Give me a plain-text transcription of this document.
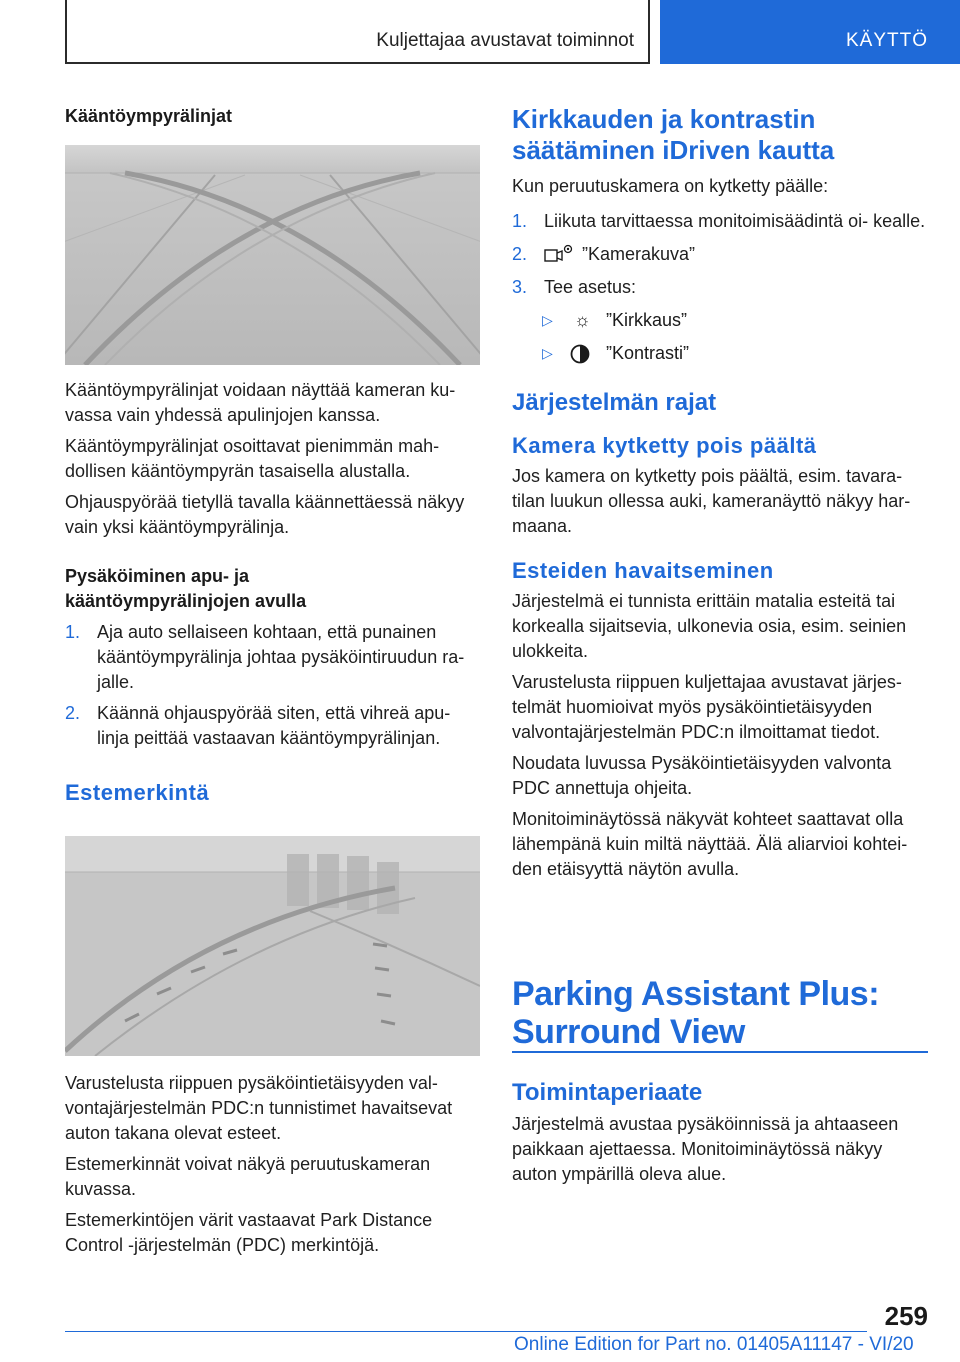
Kuljettajaa avustavat toiminnot	KÄYTTÖ
Kääntöympyrälinjat

Kääntöympyrälinjat voidaan näyttää kameran ku- vassa vain yhdessä apulinjojen kanssa.

Kääntöympyrälinjat osoittavat pienimmän mah- dollisen kääntöympyrän tasaisella alustalla.

Ohjauspyörää tietyllä tavalla käännettäessä näkyy vain yksi kääntöympyrälinja.

Pysäköiminen apu- ja
kääntöympyrälinjojen avulla
1. Aja auto sellaiseen kohtaan, että punainen kääntöympyrälinja johtaa pysäköintiruudun ra- jalle.
2. Käännä ohjauspyörää siten, että vihreä apu- linja peittää vastaavan kääntöympyrälinjan.
Estemerkintä

Varustelusta riippuen pysäköintietäisyyden val- vontajärjestelmän PDC:n tunnistimet havaitsevat auton takana olevat esteet.

Estemerkinnät voivat näkyä peruutuskameran kuvassa.

Estemerkintöjen värit vastaavat Park Distance Control -järjestelmän (PDC) merkintöjä.

Kirkkauden ja kontrastin
säätäminen iDriven kautta

Kun peruutuskamera on kytketty päälle:

1. Liikuta tarvittaessa monitoimisäädintä oi- kealle.
2.	”Kamerakuva”
3. Tee asetus:
▷ ☼ ”Kirkkaus”
▷	”Kontrasti”
Järjestelmän rajat
Kamera kytketty pois päältä

Jos kamera on kytketty pois päältä, esim. tavara- tilan luukun ollessa auki, kameranäyttö näkyy har- maana.

Esteiden havaitseminen

Järjestelmä ei tunnista erittäin matalia esteitä tai korkealla sijaitsevia, ulkonevia osia, esim. seinien ulokkeita.

Varustelusta riippuen kuljettajaa avustavat järjes- telmät huomioivat myös pysäköintietäisyyden valvontajärjestelmän PDC:n ilmoittamat tiedot.

Noudata luvussa Pysäköintietäisyyden valvonta PDC annettuja ohjeita.

Monitoiminäytössä näkyvät kohteet saattavat olla lähempänä kuin miltä näyttää. Älä aliarvioi kohtei- den etäisyyttä näytön avulla.

Parking Assistant Plus:
Surround View
Toimintaperiaate

Järjestelmä avustaa pysäköinnissä ja ahtaaseen paikkaan ajettaessa. Monitoiminäytössä näkyy auton ympärillä oleva alue.

259
Online Edition for Part no. 01405A11147 - VI/20
